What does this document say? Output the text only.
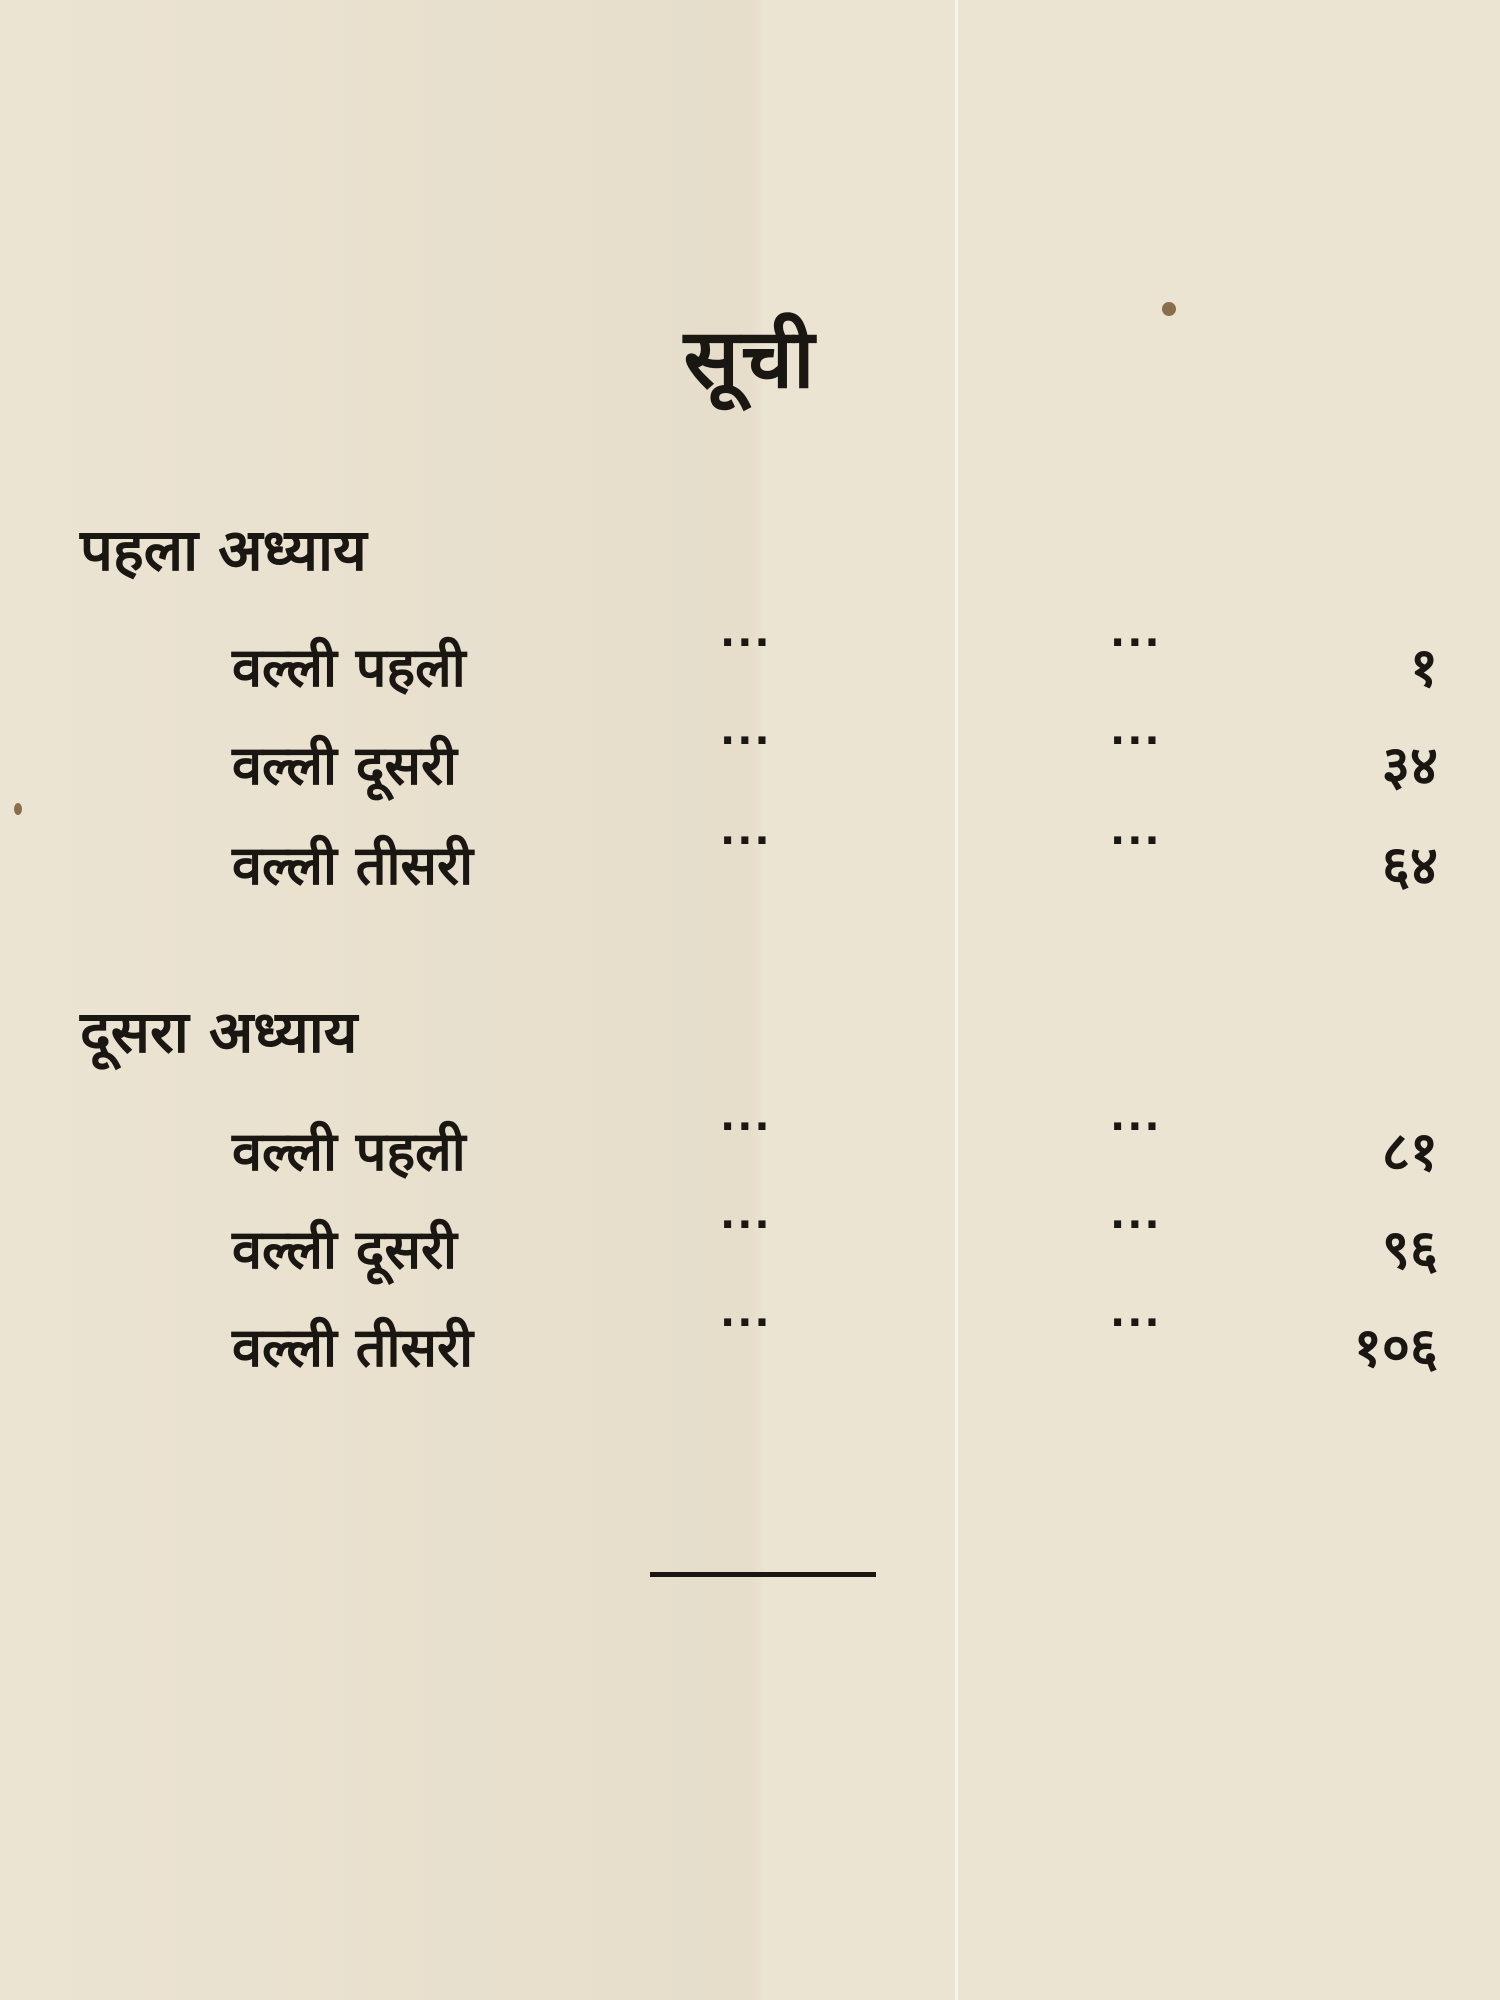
सूची
पहला अध्याय
वल्ली पहली	···	···	१
वल्ली दूसरी	···	···	३४
वल्ली तीसरी	···	···	६४
दूसरा अध्याय
वल्ली पहली	···	···	८१
वल्ली दूसरी	···	···	९६
वल्ली तीसरी	···	···	१०६
